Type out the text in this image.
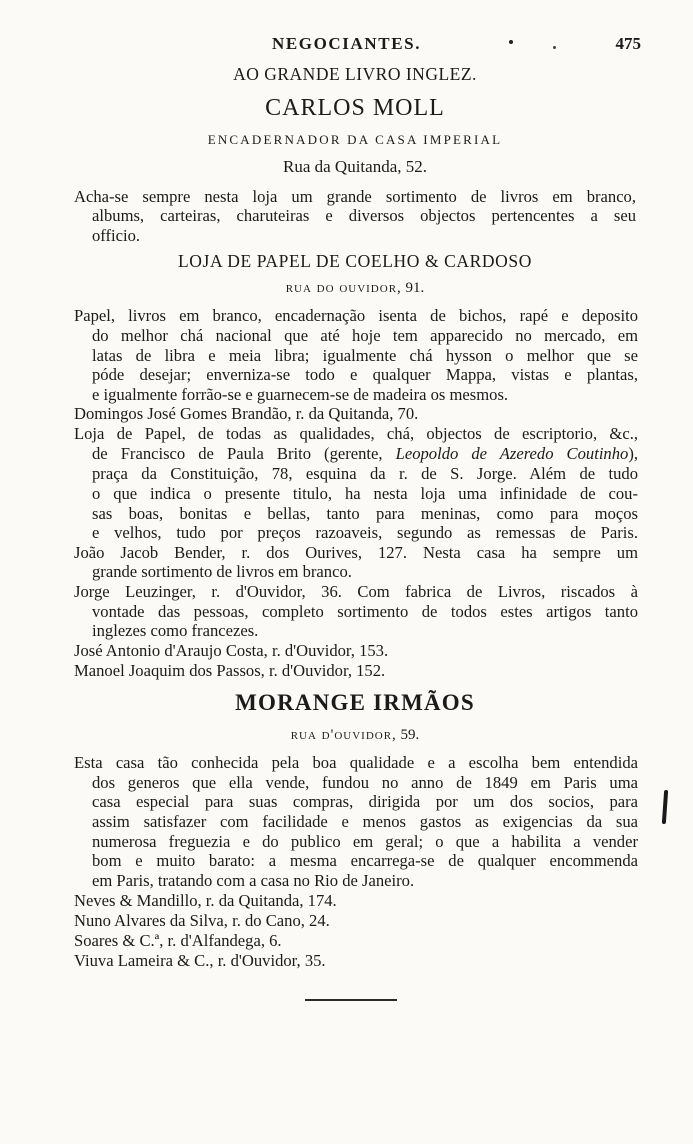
NEGOCIANTES.	475
AO GRANDE LIVRO INGLEZ.
CARLOS MOLL
ENCADERNADOR DA CASA IMPERIAL
Rua da Quitanda, 52.
Acha-se sempre nesta loja um grande sortimento de livros em branco,
albums, carteiras, charuteiras e diversos objectos pertencentes a seu
officio.
LOJA DE PAPEL DE COELHO & CARDOSO
rua do ouvidor, 91.
Papel, livros em branco, encadernação isenta de bichos, rapé e deposito
do melhor chá nacional que até hoje tem apparecido no mercado, em
latas de libra e meia libra; igualmente chá hysson o melhor que se
póde desejar; enverniza-se todo e qualquer Mappa, vistas e plantas,
e igualmente forrão-se e guarnecem-se de madeira os mesmos.
Domingos José Gomes Brandão, r. da Quitanda, 70.
Loja de Papel, de todas as qualidades, chá, objectos de escriptorio, &c.,
de Francisco de Paula Brito (gerente, Leopoldo de Azeredo Coutinho),
praça da Constituição, 78, esquina da r. de S. Jorge. Além de tudo
o que indica o presente titulo, ha nesta loja uma infinidade de cou-
sas boas, bonitas e bellas, tanto para meninas, como para moços
e velhos, tudo por preços razoaveis, segundo as remessas de Paris.
João Jacob Bender, r. dos Ourives, 127. Nesta casa ha sempre um
grande sortimento de livros em branco.
Jorge Leuzinger, r. d'Ouvidor, 36. Com fabrica de Livros, riscados à
vontade das pessoas, completo sortimento de todos estes artigos tanto
inglezes como francezes.
José Antonio d'Araujo Costa, r. d'Ouvidor, 153.
Manoel Joaquim dos Passos, r. d'Ouvidor, 152.
MORANGE IRMÃOS
rua d'ouvidor, 59.
Esta casa tão conhecida pela boa qualidade e a escolha bem entendida
dos generos que ella vende, fundou no anno de 1849 em Paris uma
casa especial para suas compras, dirigida por um dos socios, para
assim satisfazer com facilidade e menos gastos as exigencias da sua
numerosa freguezia e do publico em geral; o que a habilita a vender
bom e muito barato: a mesma encarrega-se de qualquer encommenda
em Paris, tratando com a casa no Rio de Janeiro.
Neves & Mandillo, r. da Quitanda, 174.
Nuno Alvares da Silva, r. do Cano, 24.
Soares & C.ª, r. d'Alfandega, 6.
Viuva Lameira & C., r. d'Ouvidor, 35.
